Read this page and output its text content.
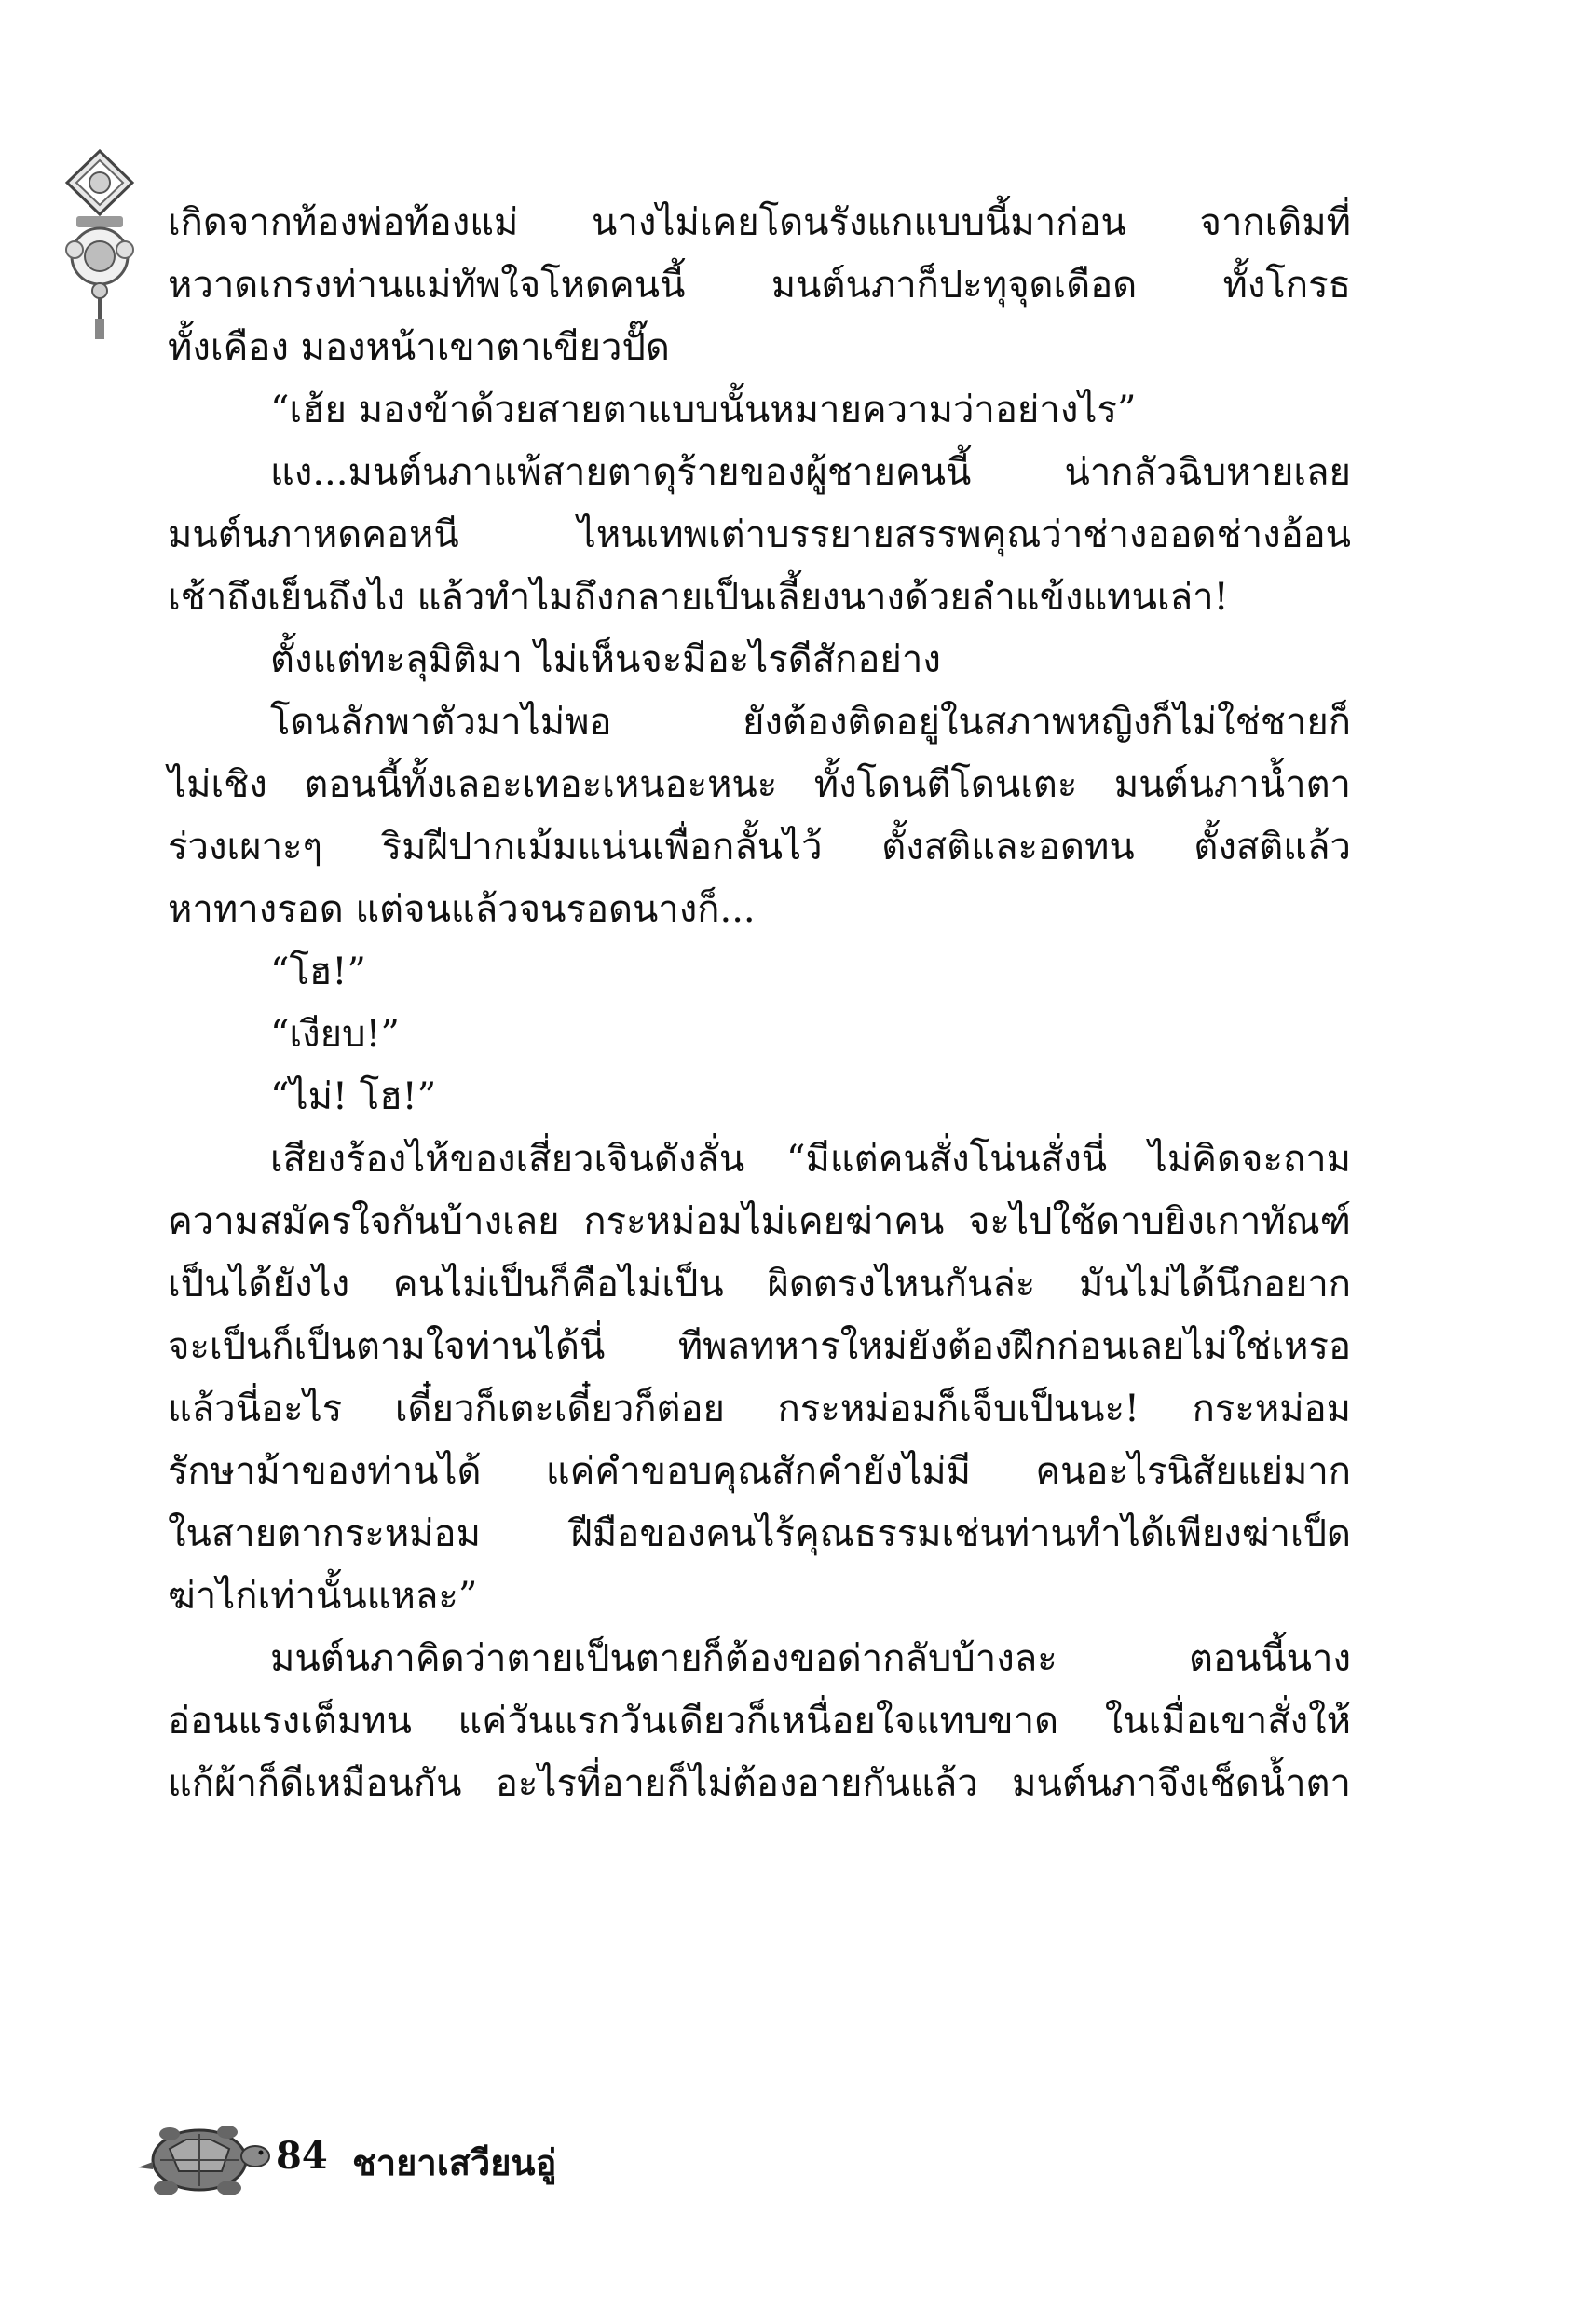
เกิดจากท้องพ่อท้องแม่ นางไม่เคยโดนรังแกแบบนี้มาก่อน จากเดิมที่
หวาดเกรงท่านแม่ทัพใจโหดคนนี้ มนต์นภาก็ปะทุจุดเดือด ทั้งโกรธ
ทั้งเคือง มองหน้าเขาตาเขียวปั๊ด
“เฮ้ย มองข้าด้วยสายตาแบบนั้นหมายความว่าอย่างไร”
แง...มนต์นภาแพ้สายตาดุร้ายของผู้ชายคนนี้ น่ากลัวฉิบหายเลย
มนต์นภาหดคอหนี ไหนเทพเต่าบรรยายสรรพคุณว่าช่างออดช่างอ้อน
เช้าถึงเย็นถึงไง แล้วทำไมถึงกลายเป็นเลี้ยงนางด้วยลำแข้งแทนเล่า!
ตั้งแต่ทะลุมิติมา ไม่เห็นจะมีอะไรดีสักอย่าง
โดนลักพาตัวมาไม่พอ ยังต้องติดอยู่ในสภาพหญิงก็ไม่ใช่ชายก็
ไม่เชิง ตอนนี้ทั้งเลอะเทอะเหนอะหนะ ทั้งโดนตีโดนเตะ มนต์นภาน้ำตา
ร่วงเผาะๆ ริมฝีปากเม้มแน่นเพื่อกลั้นไว้ ตั้งสติและอดทน ตั้งสติแล้ว
หาทางรอด แต่จนแล้วจนรอดนางก็...
“โฮ!”
“เงียบ!”
“ไม่! โฮ!”
เสียงร้องไห้ของเสี่ยวเจินดังลั่น “มีแต่คนสั่งโน่นสั่งนี่ ไม่คิดจะถาม
ความสมัครใจกันบ้างเลย กระหม่อมไม่เคยฆ่าคน จะไปใช้ดาบยิงเกาทัณฑ์
เป็นได้ยังไง คนไม่เป็นก็คือไม่เป็น ผิดตรงไหนกันล่ะ มันไม่ได้นึกอยาก
จะเป็นก็เป็นตามใจท่านได้นี่ ทีพลทหารใหม่ยังต้องฝึกก่อนเลยไม่ใช่เหรอ
แล้วนี่อะไร เดี๋ยวก็เตะเดี๋ยวก็ต่อย กระหม่อมก็เจ็บเป็นนะ! กระหม่อม
รักษาม้าของท่านได้ แค่คำขอบคุณสักคำยังไม่มี คนอะไรนิสัยแย่มาก
ในสายตากระหม่อม ฝีมือของคนไร้คุณธรรมเช่นท่านทำได้เพียงฆ่าเป็ด
ฆ่าไก่เท่านั้นแหละ”
มนต์นภาคิดว่าตายเป็นตายก็ต้องขอด่ากลับบ้างละ ตอนนี้นาง
อ่อนแรงเต็มทน แค่วันแรกวันเดียวก็เหนื่อยใจแทบขาด ในเมื่อเขาสั่งให้
แก้ผ้าก็ดีเหมือนกัน อะไรที่อายก็ไม่ต้องอายกันแล้ว มนต์นภาจึงเช็ดน้ำตา
84 ชายาเสวียนอู่
